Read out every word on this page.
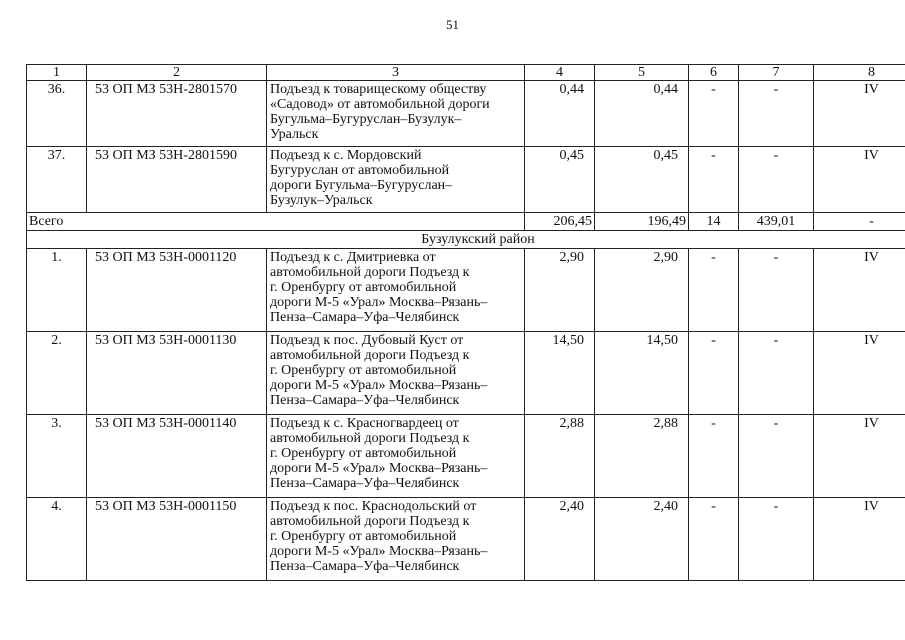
51
1	2	3	4	5	6	7	8
36.	53 ОП МЗ 53Н-2801570	Подъезд к товарищескому обществу
«Садовод» от автомобильной дороги
Бугульма–Бугуруслан–Бузулук–
Уральск	0,44	0,44	-	-	IV
37.	53 ОП МЗ 53Н-2801590	Подъезд к с. Мордовский
Бугуруслан от автомобильной
дороги Бугульма–Бугуруслан–
Бузулук–Уральск	0,45	0,45	-	-	IV
Всего			206,45	196,49	14	439,01	-
Бузулукский район							
1.	53 ОП МЗ 53Н-0001120	Подъезд к с. Дмитриевка от
автомобильной дороги Подъезд к
г. Оренбургу от автомобильной
дороги М-5 «Урал» Москва–Рязань–
Пенза–Самара–Уфа–Челябинск	2,90	2,90	-	-	IV
2.	53 ОП МЗ 53Н-0001130	Подъезд к пос. Дубовый Куст от
автомобильной дороги Подъезд к
г. Оренбургу от автомобильной
дороги М-5 «Урал» Москва–Рязань–
Пенза–Самара–Уфа–Челябинск	14,50	14,50	-	-	IV
3.	53 ОП МЗ 53Н-0001140	Подъезд к с. Красногвардеец от
автомобильной дороги Подъезд к
г. Оренбургу от автомобильной
дороги М-5 «Урал» Москва–Рязань–
Пенза–Самара–Уфа–Челябинск	2,88	2,88	-	-	IV
4.	53 ОП МЗ 53Н-0001150	Подъезд к пос. Краснодольский от
автомобильной дороги Подъезд к
г. Оренбургу от автомобильной
дороги М-5 «Урал» Москва–Рязань–
Пенза–Самара–Уфа–Челябинск	2,40	2,40	-	-	IV
